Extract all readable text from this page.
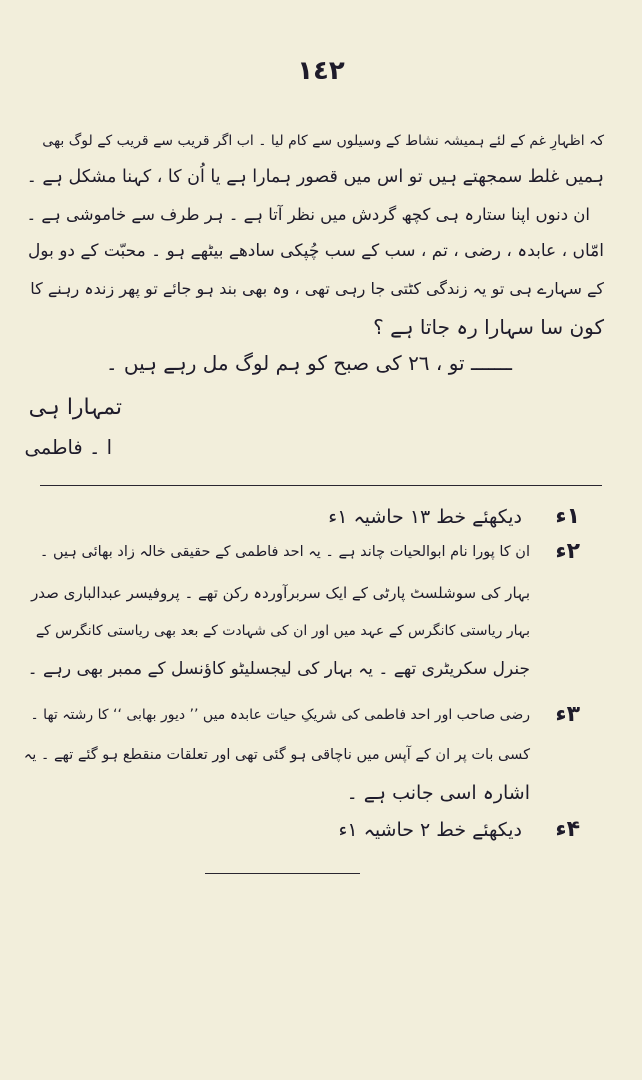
١٤٢
کہ اظہارِ غم کے لئے ہمیشہ نشاط کے وسیلوں سے کام لیا ۔ اب اگر قریب سے قریب کے لوگ بھی
ہمیں غلط سمجھتے ہیں تو اس میں قصور ہمارا ہے یا اُن کا ، کہنا مشکل ہے ۔
ان دنوں اپنا ستارہ ہی کچھ گردش میں نظر آتا ہے ۔ ہر طرف سے خاموشی ہے ۔
امّاں ، عابدہ ، رضی ، تم ، سب کے سب چُپکی سادھے بیٹھے ہو ۔ محبّت کے دو بول
کے سہارے ہی تو یہ زندگی کٹتی جا رہی تھی ، وہ بھی بند ہو جائے تو پھر زندہ رہنے کا
کون سا سہارا رہ جاتا ہے ؟
ـــــــ تو ، ٢٦ کی صبح کو ہم لوگ مل رہے ہیں ۔
تمہارا ہی
ا ۔ فاطمی
۱ء
دیکھئے خط ۱۳ حاشیہ ۱ء
۲ء
ان کا پورا نام ابوالحیات چاند ہے ۔ یہ احد فاطمی کے حقیقی خالہ زاد بھائی ہیں ۔
بہار کی سوشلسٹ پارٹی کے ایک سربرآوردہ رکن تھے ۔ پروفیسر عبدالباری صدر
بہار ریاستی کانگرس کے عہد میں اور ان کی شہادت کے بعد بھی ریاستی کانگرس کے
جنرل سکریٹری تھے ۔ یہ بہار کی لیجسلیٹو کاؤنسل کے ممبر بھی رہے ۔
۳ء
رضی صاحب اور احد فاطمی کی شریکِ حیات عابدہ میں ’’ دیور بھابی ‘‘ کا رشتہ تھا ۔
کسی بات پر ان کے آپس میں ناچاقی ہو گئی تھی اور تعلقات منقطع ہو گئے تھے ۔ یہ
اشارہ اسی جانب ہے ۔
۴ء
دیکھئے خط ۲ حاشیہ ۱ء
